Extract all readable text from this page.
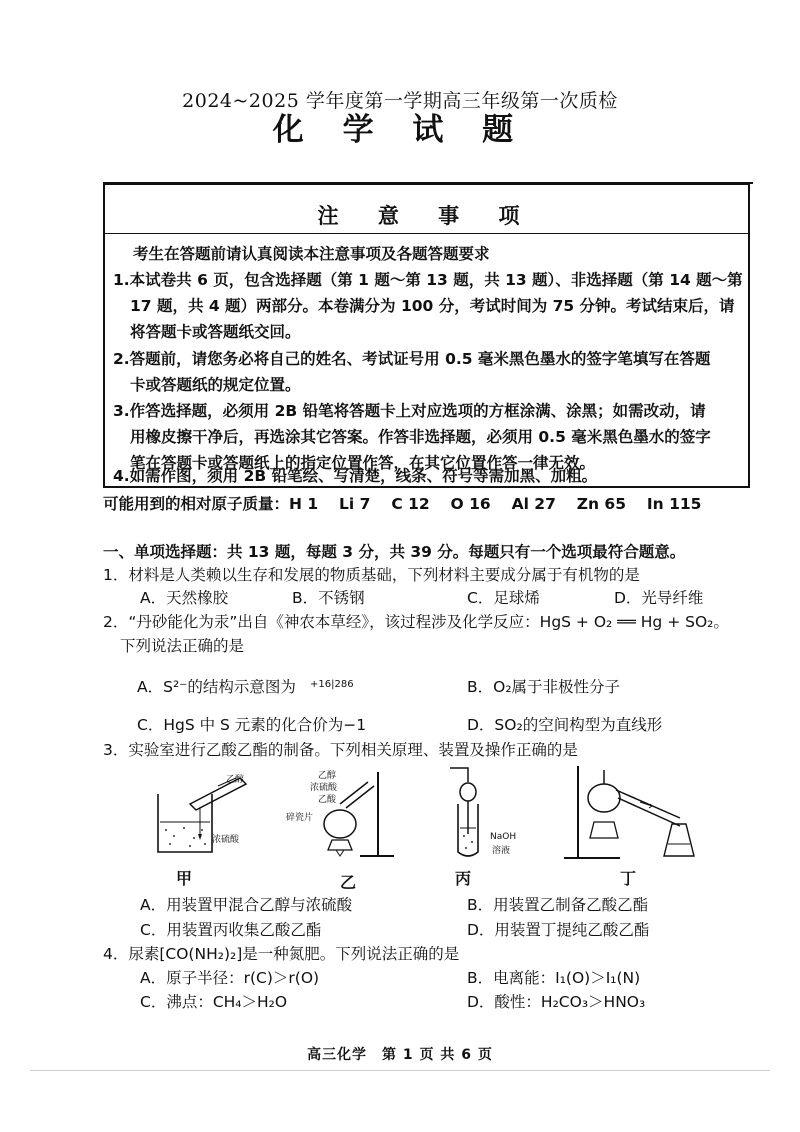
2024~2025 学年度第一学期高三年级第一次质检
化 学 试 题
注 意 事 项
考生在答题前请认真阅读本注意事项及各题答题要求
1.本试卷共 6 页，包含选择题（第 1 题～第 13 题，共 13 题）、非选择题（第 14 题～第
17 题，共 4 题）两部分。本卷满分为 100 分，考试时间为 75 分钟。考试结束后，请
将答题卡或答题纸交回。
2.答题前，请您务必将自己的姓名、考试证号用 0.5 毫米黑色墨水的签字笔填写在答题
卡或答题纸的规定位置。
3.作答选择题，必须用 2B 铅笔将答题卡上对应选项的方框涂满、涂黑；如需改动，请
用橡皮擦干净后，再选涂其它答案。作答非选择题，必须用 0.5 毫米黑色墨水的签字
笔在答题卡或答题纸上的指定位置作答，在其它位置作答一律无效。
4.如需作图，须用 2B 铅笔绘、写清楚，线条、符号等需加黑、加粗。
可能用到的相对原子质量：H 1　 Li 7　 C 12　 O 16　 Al 27　 Zn 65　 In 115
一、单项选择题：共 13 题，每题 3 分，共 39 分。每题只有一个选项最符合题意。
1．材料是人类赖以生存和发展的物质基础，下列材料主要成分属于有机物的是
A．天然橡胶	B．不锈钢	C．足球烯	D．光导纤维
2．“丹砂能化为汞”出自《神农本草经》，该过程涉及化学反应：HgS + O₂ ══ Hg + SO₂。
下列说法正确的是
A．S²⁻的结构示意图为 +16|286	B．O₂属于非极性分子
C．HgS 中 S 元素的化合价为−1	D．SO₂的空间构型为直线形
3．实验室进行乙酸乙酯的制备。下列相关原理、装置及操作正确的是
乙醇
浓硫酸
乙醇
浓硫酸
乙酸
碎瓷片
NaOH
溶液
甲	乙	丙	丁
A．用装置甲混合乙醇与浓硫酸	B．用装置乙制备乙酸乙酯
C．用装置丙收集乙酸乙酯	D．用装置丁提纯乙酸乙酯
4．尿素[CO(NH₂)₂]是一种氮肥。下列说法正确的是
A．原子半径：r(C)＞r(O)	B．电离能：I₁(O)＞I₁(N)
C．沸点：CH₄＞H₂O	D．酸性：H₂CO₃＞HNO₃
高三化学　第 1 页 共 6 页
